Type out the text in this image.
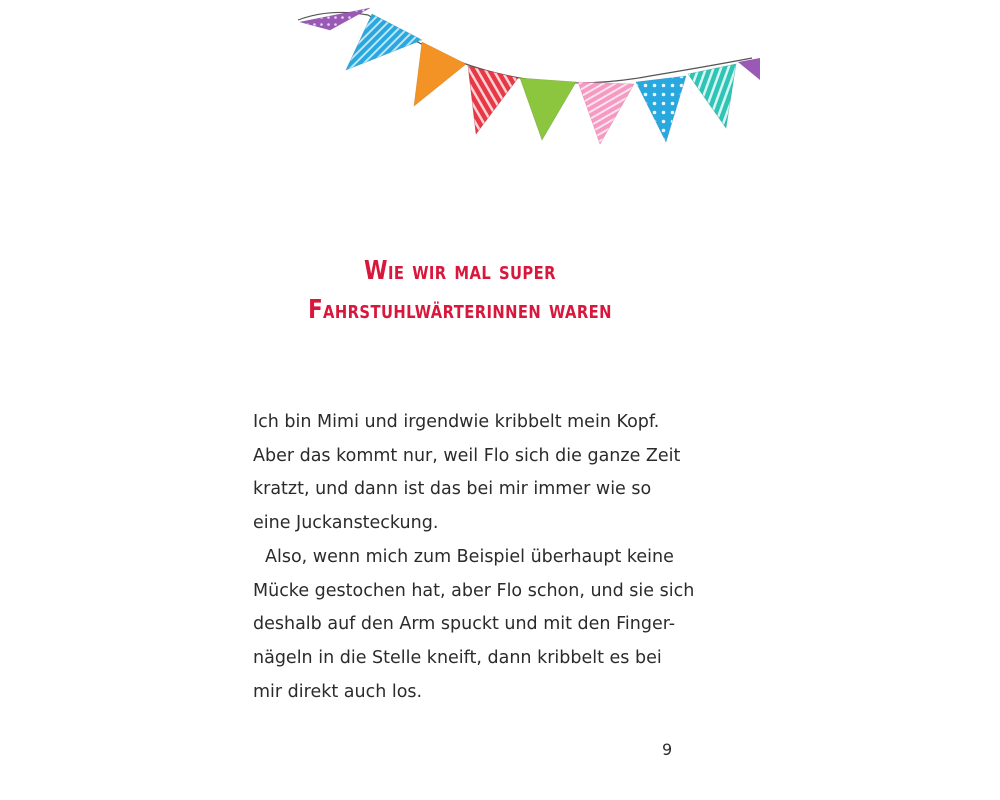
Wie wir mal super
Fahrstuhlwärterinnen waren
Ich bin Mimi und irgendwie kribbelt mein Kopf.
Aber das kommt nur, weil Flo sich die ganze Zeit
kratzt, und dann ist das bei mir immer wie so
eine Juckansteckung.
Also, wenn mich zum Beispiel überhaupt keine
Mücke gestochen hat, aber Flo schon, und sie sich
deshalb auf den Arm spuckt und mit den Finger-
nägeln in die Stelle kneift, dann kribbelt es bei
mir direkt auch los.
9
